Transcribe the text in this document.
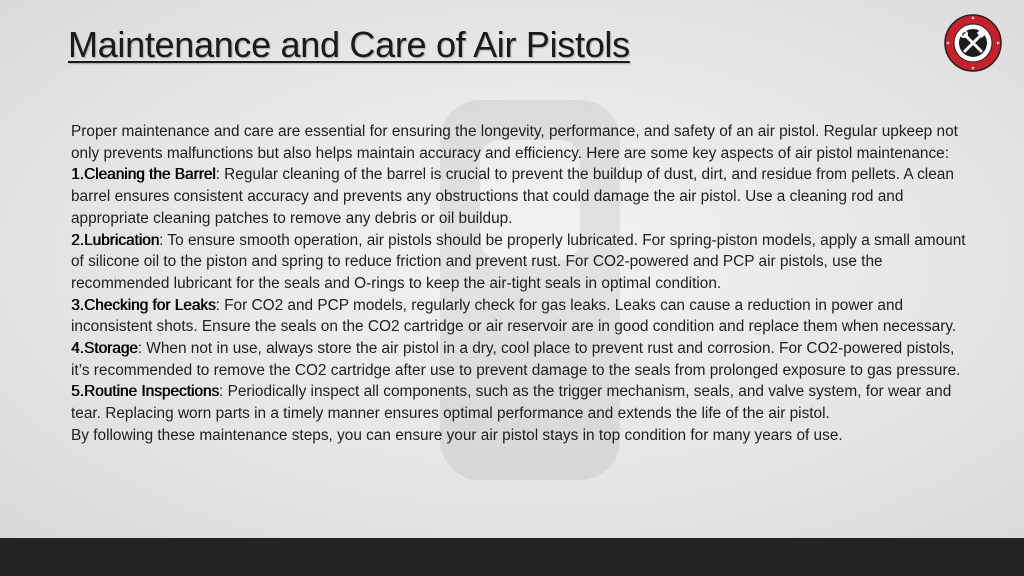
Maintenance and Care of Air Pistols

Proper maintenance and care are essential for ensuring the longevity, performance, and safety of an air pistol. Regular upkeep not only prevents malfunctions but also helps maintain accuracy and efficiency. Here are some key aspects of air pistol maintenance:

1.Cleaning the Barrel: Regular cleaning of the barrel is crucial to prevent the buildup of dust, dirt, and residue from pellets. A clean barrel ensures consistent accuracy and prevents any obstructions that could damage the air pistol. Use a cleaning rod and appropriate cleaning patches to remove any debris or oil buildup.

2.Lubrication: To ensure smooth operation, air pistols should be properly lubricated. For spring-piston models, apply a small amount of silicone oil to the piston and spring to reduce friction and prevent rust. For CO2-powered and PCP air pistols, use the recommended lubricant for the seals and O-rings to keep the air-tight seals in optimal condition.

3.Checking for Leaks: For CO2 and PCP models, regularly check for gas leaks. Leaks can cause a reduction in power and inconsistent shots. Ensure the seals on the CO2 cartridge or air reservoir are in good condition and replace them when necessary.

4.Storage: When not in use, always store the air pistol in a dry, cool place to prevent rust and corrosion. For CO2-powered pistols, it’s recommended to remove the CO2 cartridge after use to prevent damage to the seals from prolonged exposure to gas pressure.

5.Routine Inspections: Periodically inspect all components, such as the trigger mechanism, seals, and valve system, for wear and tear. Replacing worn parts in a timely manner ensures optimal performance and extends the life of the air pistol.

By following these maintenance steps, you can ensure your air pistol stays in top condition for many years of use.
